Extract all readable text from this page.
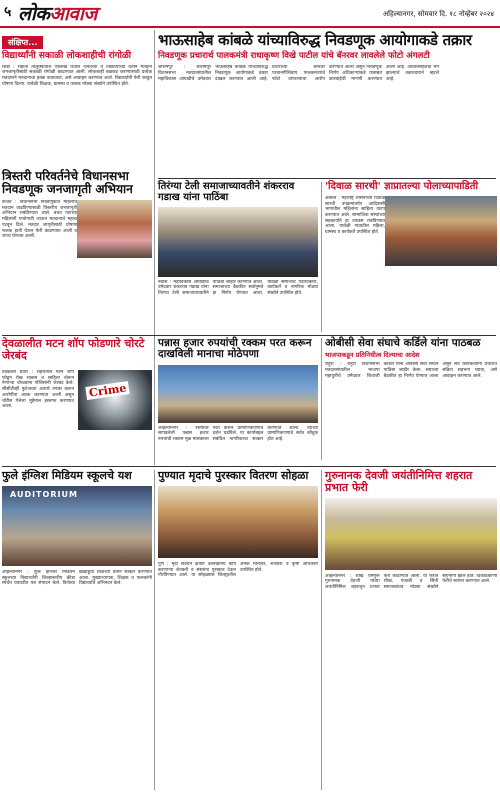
५ लोकआवाज	अहिल्यानगर, सोमवार दि. १८ नोव्हेंबर २०२४
संक्षिप्त...
विद्यार्थ्यांनी सकाळी लोकशाहीची रांगोळी
शिर्डी : राहाता तालुक्यातील एकरुख येथील जनतेच्या व विद्यार्थ्यांच्या वतीने मतदान जनजागृतीसाठी सकाळी रांगोळी काढण्यात आली. लोकशाही बळकट करण्यासाठी प्रत्येक मतदाराने मतदानाचा हक्क बजावावा, असे आवाहन करण्यात आले. विद्यार्थ्यांनी फेरी काढून घोषणा दिल्या. यावेळी शिक्षक, ग्रामस्थ व पालक मोठ्या संख्येने उपस्थित होते.
भाऊसाहेब कांबळे यांच्याविरुद्ध निवडणूक आयोगाकडे तक्रार
निवडणूक प्रचारार्थ पालकमंत्री राधाकृष्ण विखे पाटील यांचे बॅनरवर लावलेले फोटो अंगलटी
श्रीरामपूर : श्रीरामपूर विधानसभा मतदारसंघातील महाविकास आघाडीचे उमेदवार भाऊसाहेब कांबळे यांच्याविरुद्ध निवडणूक आयोगाकडे तक्रार दाखल करण्यात आली आहे. प्रचाराच्या बॅनरवर परवानगीशिवाय पालकमंत्र्यांचे फोटो वापरल्याचा आरोप करण्यात आला असून निवडणूक निर्णय अधिकाऱ्यांकडे याबाबत कारवाईची मागणी करण्यात आली आहे. आचारसंहितेचा भंग झाल्याचे तक्रारदाराने म्हटले आहे.
त्रिस्तरी परिवर्तनेचे विधानसभा निवडणूक जनजागृती अभियान
कर्जत : विधानसभा निवडणुकीत महिलांचे मतदान वाढविण्यासाठी त्रिस्तरीय जनजागृती अभियान राबविण्यात आले. बचत गटांच्या महिलांनी गावोगावी जाऊन मतदानाचे महत्त्व पटवून दिले. मतदार जागृतीसाठी घोषणा फलक हाती घेऊन फेरी काढण्यात आली व शपथ घेण्यात आली.
तिरंग्या टेली समाजाच्यावतीने शंकरराव गडाख यांना पाठिंबा
नेवासे : महाविकास आघाडीचे उमेदवार शंकरराव गडाख यांना तिरंग्या टेली समाजाच्यावतीने पाठिंबा जाहीर करण्यात आला. समाजाच्या बैठकीत सर्वानुमते हा निर्णय घेण्यात आला. यावेळी समाजाचे पदाधिकारी, कार्यकर्ते व नागरिक मोठ्या संख्येने उपस्थित होते.
'दिवाळ सारथी' ज्ञाप्रातल्या पोलाच्यापाडिती
अकोले : महाराष्ट्र शासनाच्या दिवाळ सारथी उपक्रमांतर्गत आदिवासी भागातील महिलांना साहित्य वाटप करण्यात आले. सामाजिक संस्थांच्या सहकार्याने हा उपक्रम राबविण्यात आला. यावेळी गावातील महिला, ग्रामस्थ व कार्यकर्ते उपस्थित होते.
देवळालीत मटन शॉप फोडणारे चोरटे जेरबंद
देवळाली प्रवरा : शहरातील मटन शॉप फोडून रोख रक्कम व साहित्य चोरून नेणाऱ्या चोरट्यांना पोलिसांनी जेरबंद केले. सीसीटीव्ही फुटेजच्या आधारे तपास करून आरोपींना अटक करण्यात आली असून चोरीस गेलेला मुद्देमाल हस्तगत करण्यात आला.
Crime
पन्नास हजार रुपयांची रक्कम परत करून दाखविली मानाचा मोठेपणा
अहिल्यानगर : रस्त्यावर सापडलेली पन्नास हजार रुपयांची रक्कम मूळ मालकाला परत करून प्रामाणिकपणाचे दर्शन घडविले. या कार्याबद्दल संबंधित नागरिकाचा सत्कार करण्यात आला. त्याच्या प्रामाणिकपणाचे सर्वत्र कौतुक होत आहे.
ओबीसी सेवा संघाचे कर्डिले यांना पाठबळ
भाजपाकडून प्रतिनिधीत्व दिल्याचा आदेश
राहुरी : राहुरी विधानसभा मतदारसंघातील भाजपा महायुतीचे उमेदवार शिवाजी कर्डिले यांना ओबीसी सेवा संघाने पाठिंबा जाहीर केला. संघाच्या बैठकीत हा निर्णय घेण्यात आला असून सर्व कार्यकर्त्यांनी प्रचारात सक्रिय सहभाग घ्यावा, असे आवाहन करण्यात आले.
फुले इंग्लिश मिडियम स्कूलचे यश
AUDITORIUM
अहिल्यानगर : फुले इंग्लिश मिडियम स्कूलच्या विद्यार्थ्यांनी जिल्हास्तरीय क्रीडा स्पर्धेत घवघवीत यश संपादन केले. विजेत्या खेळाडूंचा शाळेच्या वतीने सत्कार करण्यात आला. मुख्याध्यापक, शिक्षक व पालकांनी विद्यार्थ्यांचे अभिनंदन केले.
पुण्यात मृदाचे पुरस्कार वितरण सोहळा
पुणे : मृदा संवर्धन क्षेत्रात उल्लेखनीय कार्य करणाऱ्या शेतकरी व संस्थांना पुरस्कार देऊन गौरविण्यात आले. या सोहळ्यास जिल्ह्यातील अनेक मान्यवर, शेतकरी व कृषी अधिकारी उपस्थित होते.
गुरुनानक देवजी जयंतीनिमित्त शहरात प्रभात फेरी
अहिल्यानगर : शीख धर्मगुरू गुरुनानक देवजी यांच्या जयंतीनिमित्त शहरातून प्रभात फेरी काढण्यात आली. या फेरीत शीख, पंजाबी व सिंधी समाजबांधव मोठ्या संख्येने सहभागी झाले होते. ठिकठिकाणी फेरीचे स्वागत करण्यात आले.
